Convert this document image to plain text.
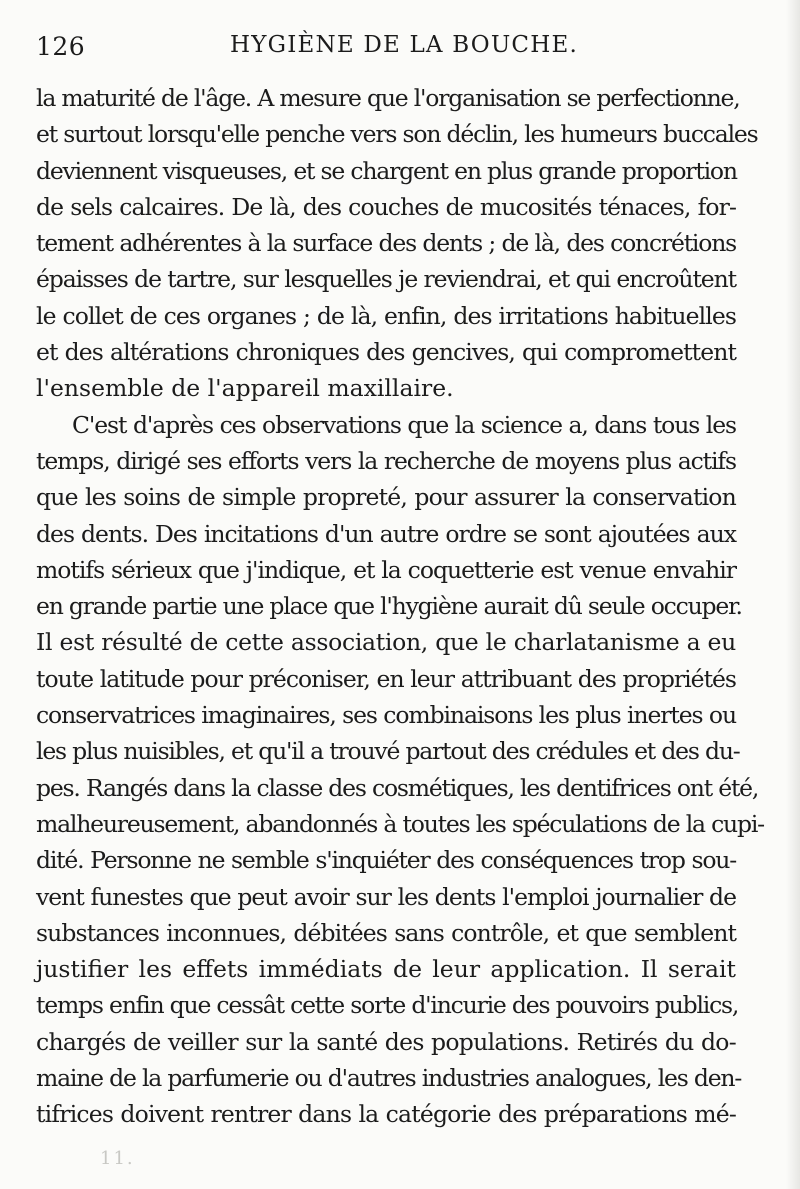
126	HYGIÈNE DE LA BOUCHE.
la maturité de l'âge. A mesure que l'organisation se perfectionne,
et surtout lorsqu'elle penche vers son déclin, les humeurs buccales
deviennent visqueuses, et se chargent en plus grande proportion
de sels calcaires. De là, des couches de mucosités ténaces, for-
tement adhérentes à la surface des dents ; de là, des concrétions
épaisses de tartre, sur lesquelles je reviendrai, et qui encroûtent
le collet de ces organes ; de là, enfin, des irritations habituelles
et des altérations chroniques des gencives, qui compromettent
l'ensemble de l'appareil maxillaire.
C'est d'après ces observations que la science a, dans tous les
temps, dirigé ses efforts vers la recherche de moyens plus actifs
que les soins de simple propreté, pour assurer la conservation
des dents. Des incitations d'un autre ordre se sont ajoutées aux
motifs sérieux que j'indique, et la coquetterie est venue envahir
en grande partie une place que l'hygiène aurait dû seule occuper.
Il est résulté de cette association, que le charlatanisme a eu
toute latitude pour préconiser, en leur attribuant des propriétés
conservatrices imaginaires, ses combinaisons les plus inertes ou
les plus nuisibles, et qu'il a trouvé partout des crédules et des du-
pes. Rangés dans la classe des cosmétiques, les dentifrices ont été,
malheureusement, abandonnés à toutes les spéculations de la cupi-
dité. Personne ne semble s'inquiéter des conséquences trop sou-
vent funestes que peut avoir sur les dents l'emploi journalier de
substances inconnues, débitées sans contrôle, et que semblent
justifier les effets immédiats de leur application. Il serait
temps enfin que cessât cette sorte d'incurie des pouvoirs publics,
chargés de veiller sur la santé des populations. Retirés du do-
maine de la parfumerie ou d'autres industries analogues, les den-
tifrices doivent rentrer dans la catégorie des préparations mé-
11.
